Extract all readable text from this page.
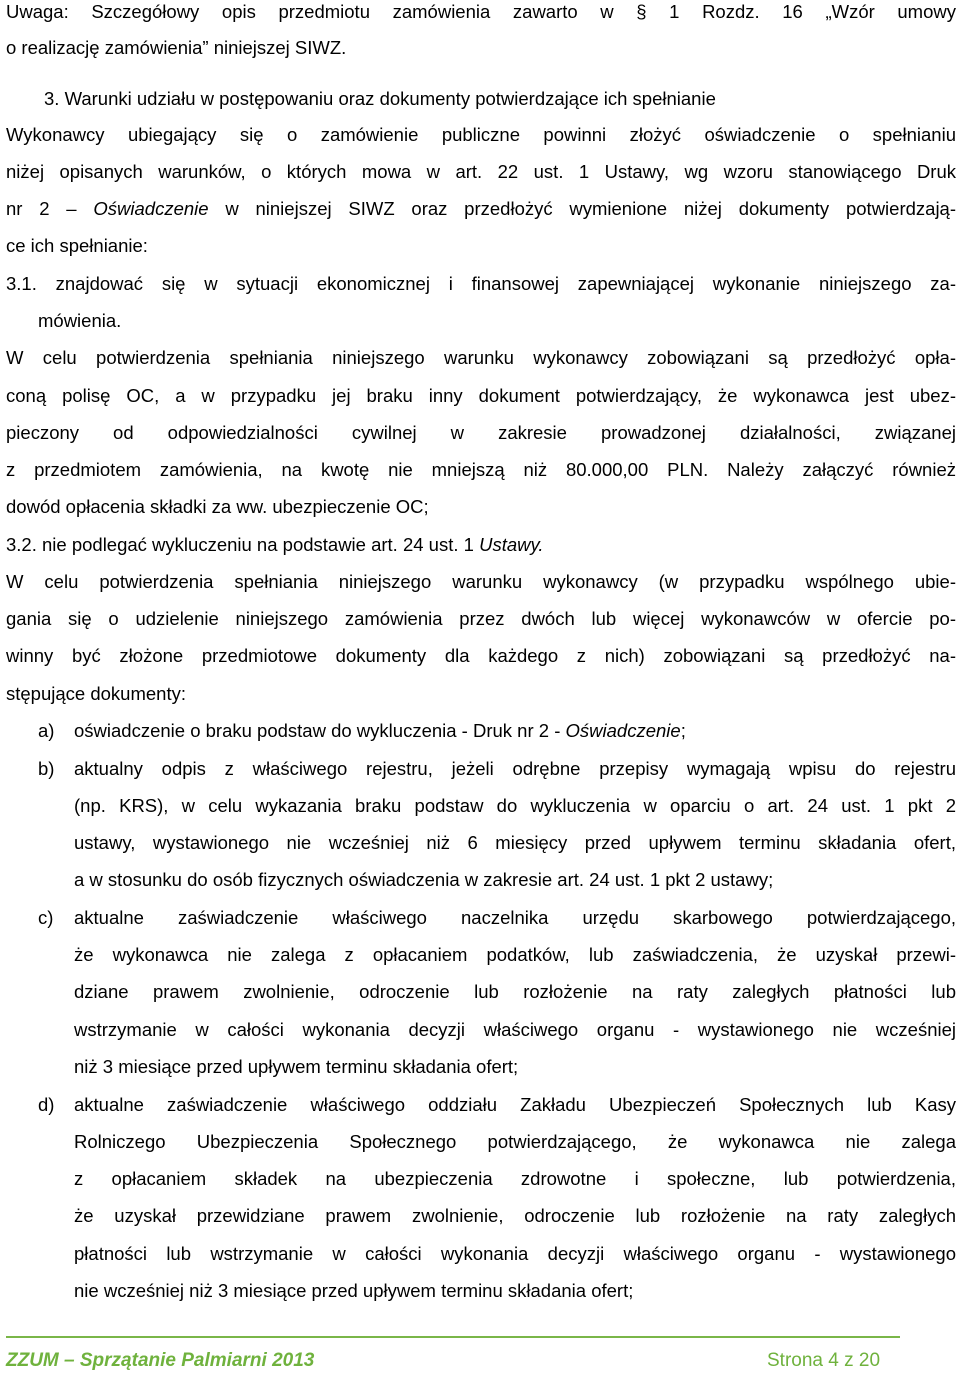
Uwaga: Szczegółowy opis przedmiotu zamówienia zawarto w § 1 Rozdz. 16 „Wzór umowy
o realizację zamówienia” niniejszej SIWZ.
3. Warunki udziału w postępowaniu oraz dokumenty potwierdzające ich spełnianie
Wykonawcy ubiegający się o zamówienie publiczne powinni złożyć oświadczenie o spełnianiu
niżej opisanych warunków, o których mowa w art. 22 ust. 1 Ustawy, wg wzoru stanowiącego Druk
nr 2 – Oświadczenie w niniejszej SIWZ oraz przedłożyć wymienione niżej dokumenty potwierdzają-
ce ich spełnianie:
3.1. znajdować się w sytuacji ekonomicznej i finansowej zapewniającej wykonanie niniejszego za-
mówienia.
W celu potwierdzenia spełniania niniejszego warunku wykonawcy zobowiązani są przedłożyć opła-
coną polisę OC, a w przypadku jej braku inny dokument potwierdzający, że wykonawca jest ubez-
pieczony od odpowiedzialności cywilnej w zakresie prowadzonej działalności, związanej
z przedmiotem zamówienia, na kwotę nie mniejszą niż 80.000,00 PLN. Należy załączyć również
dowód opłacenia składki za ww. ubezpieczenie OC;
3.2. nie podlegać wykluczeniu na podstawie art. 24 ust. 1 Ustawy.
W celu potwierdzenia spełniania niniejszego warunku wykonawcy (w przypadku wspólnego ubie-
gania się o udzielenie niniejszego zamówienia przez dwóch lub więcej wykonawców w ofercie po-
winny być złożone przedmiotowe dokumenty dla każdego z nich) zobowiązani są przedłożyć na-
stępujące dokumenty:
a) oświadczenie o braku podstaw do wykluczenia - Druk nr 2 - Oświadczenie;
b) aktualny odpis z właściwego rejestru, jeżeli odrębne przepisy wymagają wpisu do rejestru
(np. KRS), w celu wykazania braku podstaw do wykluczenia w oparciu o art. 24 ust. 1 pkt 2
ustawy, wystawionego nie wcześniej niż 6 miesięcy przed upływem terminu składania ofert,
a w stosunku do osób fizycznych oświadczenia w zakresie art. 24 ust. 1 pkt 2 ustawy;
c) aktualne zaświadczenie właściwego naczelnika urzędu skarbowego potwierdzającego,
że wykonawca nie zalega z opłacaniem podatków, lub zaświadczenia, że uzyskał przewi-
dziane prawem zwolnienie, odroczenie lub rozłożenie na raty zaległych płatności lub
wstrzymanie w całości wykonania decyzji właściwego organu - wystawionego nie wcześniej
niż 3 miesiące przed upływem terminu składania ofert;
d) aktualne zaświadczenie właściwego oddziału Zakładu Ubezpieczeń Społecznych lub Kasy
Rolniczego Ubezpieczenia Społecznego potwierdzającego, że wykonawca nie zalega
z opłacaniem składek na ubezpieczenia zdrowotne i społeczne, lub potwierdzenia,
że uzyskał przewidziane prawem zwolnienie, odroczenie lub rozłożenie na raty zaległych
płatności lub wstrzymanie w całości wykonania decyzji właściwego organu - wystawionego
nie wcześniej niż 3 miesiące przed upływem terminu składania ofert;
ZZUM – Sprzątanie Palmiarni 2013	Strona 4 z 20
